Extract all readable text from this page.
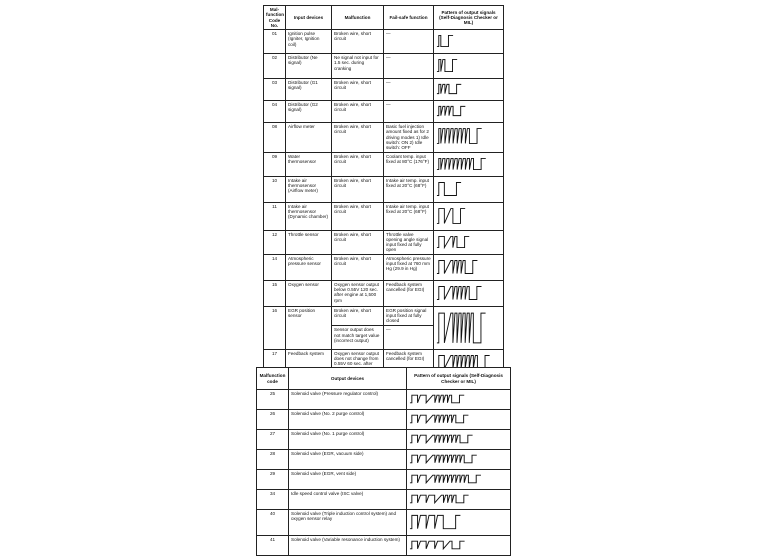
Mal-function Code No.	Input devices	Malfunction	Fail-safe function	Pattern of output signals (Self-Diagnosis Checker or MIL)
01	Ignition pulse (Igniter, Ignition coil)	Broken wire, short circuit	—	

02	Distributor (Ne signal)	Ne signal not input for 1.5 sec. during cranking	—	

03	Distributor (G1 signal)	Broken wire, short circuit	—	

04	Distributor (G2 signal)	Broken wire, short circuit	—	

08	Airflow meter	Broken wire, short circuit	Basic fuel injection amount fixed as for 2 driving modes 1) Idle switch: ON 2) Idle switch: OFF	

09	Water thermosensor	Broken wire, short circuit	Coolant temp. input fixed at 80°C (176°F)	

10	Intake air thermosensor (Airflow meter)	Broken wire, short circuit	Intake air temp. input fixed at 20°C (68°F)	

11	Intake air thermosensor (Dynamic chamber)	Broken wire, short circuit	Intake air temp. input fixed at 20°C (68°F)	

12	Throttle sensor	Broken wire, short circuit	Throttle valve opening angle signal input fixed at fully open	

14	Atmospheric pressure sensor	Broken wire, short circuit	Atmospheric pressure input fixed at 760 mm Hg (29.9 in Hg)	

15	Oxygen sensor	Oxygen sensor output below 0.55V 120 sec. after engine at 1,500 rpm	Feedback system cancelled (for EGI)	

16	EGR position sensor	Broken wire, short circuit	EGR position signal input fixed at fully closed	

		Sensor output does not match target value (incorrect output)	—	
17	Feedback system	Oxygen sensor output does not change from 0.55V 60 sec. after	Feedback system cancelled (for EGI)	
Malfunction code	Output devices	Pattern of output signals (Self-Diagnosis Checker or MIL)
25	Solenoid valve (Pressure regulator control)	

26	Solenoid valve (No. 2 purge control)	

27	Solenoid valve (No. 1 purge control)	

28	Solenoid valve (EGR, vacuum side)	

29	Solenoid valve (EGR, vent side)	

34	Idle speed control valve (ISC valve)	

40	Solenoid valve (Triple induction control system) and oxygen sensor relay	

41	Solenoid valve (Variable resonance induction system)	
